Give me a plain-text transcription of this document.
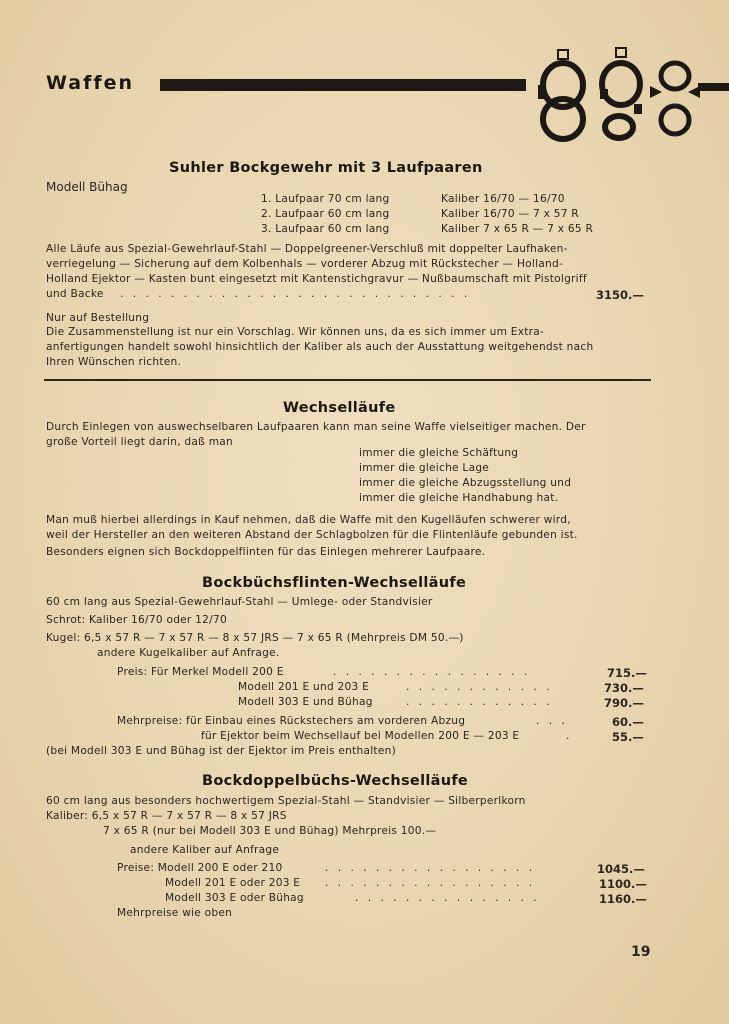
Waffen
Suhler Bockgewehr mit 3 Laufpaaren
Modell Bühag
1. Laufpaar 70 cm lang	Kaliber 16/70 — 16/70
2. Laufpaar 60 cm lang	Kaliber 16/70 — 7 x 57 R
3. Laufpaar 60 cm lang	Kaliber 7 x 65 R — 7 x 65 R
Alle Läufe aus Spezial-Gewehrlauf-Stahl — Doppelgreener-Verschluß mit doppelter Laufhaken-
verriegelung — Sicherung auf dem Kolbenhals — vorderer Abzug mit Rückstecher — Holland-
Holland Ejektor — Kasten bunt eingesetzt mit Kantenstichgravur — Nußbaumschaft mit Pistolgriff
und Backe . . . . . . . . . . . . . . . . . . . . . . . . . . . .	3150.—
Nur auf Bestellung
Die Zusammenstellung ist nur ein Vorschlag. Wir können uns, da es sich immer um Extra-
anfertigungen handelt sowohl hinsichtlich der Kaliber als auch der Ausstattung weitgehendst nach
Ihren Wünschen richten.
Wechselläufe
Durch Einlegen von auswechselbaren Laufpaaren kann man seine Waffe vielseitiger machen. Der
große Vorteil liegt darin, daß man
immer die gleiche Schäftung
immer die gleiche Lage
immer die gleiche Abzugsstellung und
immer die gleiche Handhabung hat.
Man muß hierbei allerdings in Kauf nehmen, daß die Waffe mit den Kugelläufen schwerer wird,
weil der Hersteller an den weiteren Abstand der Schlagbolzen für die Flintenläufe gebunden ist.
Besonders eignen sich Bockdoppelflinten für das Einlegen mehrerer Laufpaare.
Bockbüchsflinten-Wechselläufe
60 cm lang aus Spezial-Gewehrlauf-Stahl — Umlege- oder Standvisier
Schrot: Kaliber 16/70 oder 12/70
Kugel: 6,5 x 57 R — 7 x 57 R — 8 x 57 JRS — 7 x 65 R (Mehrpreis DM 50.—)
andere Kugelkaliber auf Anfrage.
Preis: Für Merkel Modell 200 E	. . . . . . . . . . . . . . . .	715.—
Modell 201 E und 203 E	. . . . . . . . . . . .	730.—
Modell 303 E und Bühag	. . . . . . . . . . . .	790.—
Mehrpreise: für Einbau eines Rückstechers am vorderen Abzug	. . .	60.—
für Ejektor beim Wechsellauf bei Modellen 200 E — 203 E	.	55.—
(bei Modell 303 E und Bühag ist der Ejektor im Preis enthalten)
Bockdoppelbüchs-Wechselläufe
60 cm lang aus besonders hochwertigem Spezial-Stahl — Standvisier — Silberperlkorn
Kaliber: 6,5 x 57 R — 7 x 57 R — 8 x 57 JRS
7 x 65 R (nur bei Modell 303 E und Bühag) Mehrpreis 100.—
andere Kaliber auf Anfrage
Preise: Modell 200 E oder 210	. . . . . . . . . . . . . . . . .	1045.—
Modell 201 E oder 203 E . . . . . . . . . . . . . . . . .	1100.—
Modell 303 E oder Bühag	. . . . . . . . . . . . . . .	1160.—
Mehrpreise wie oben
19
